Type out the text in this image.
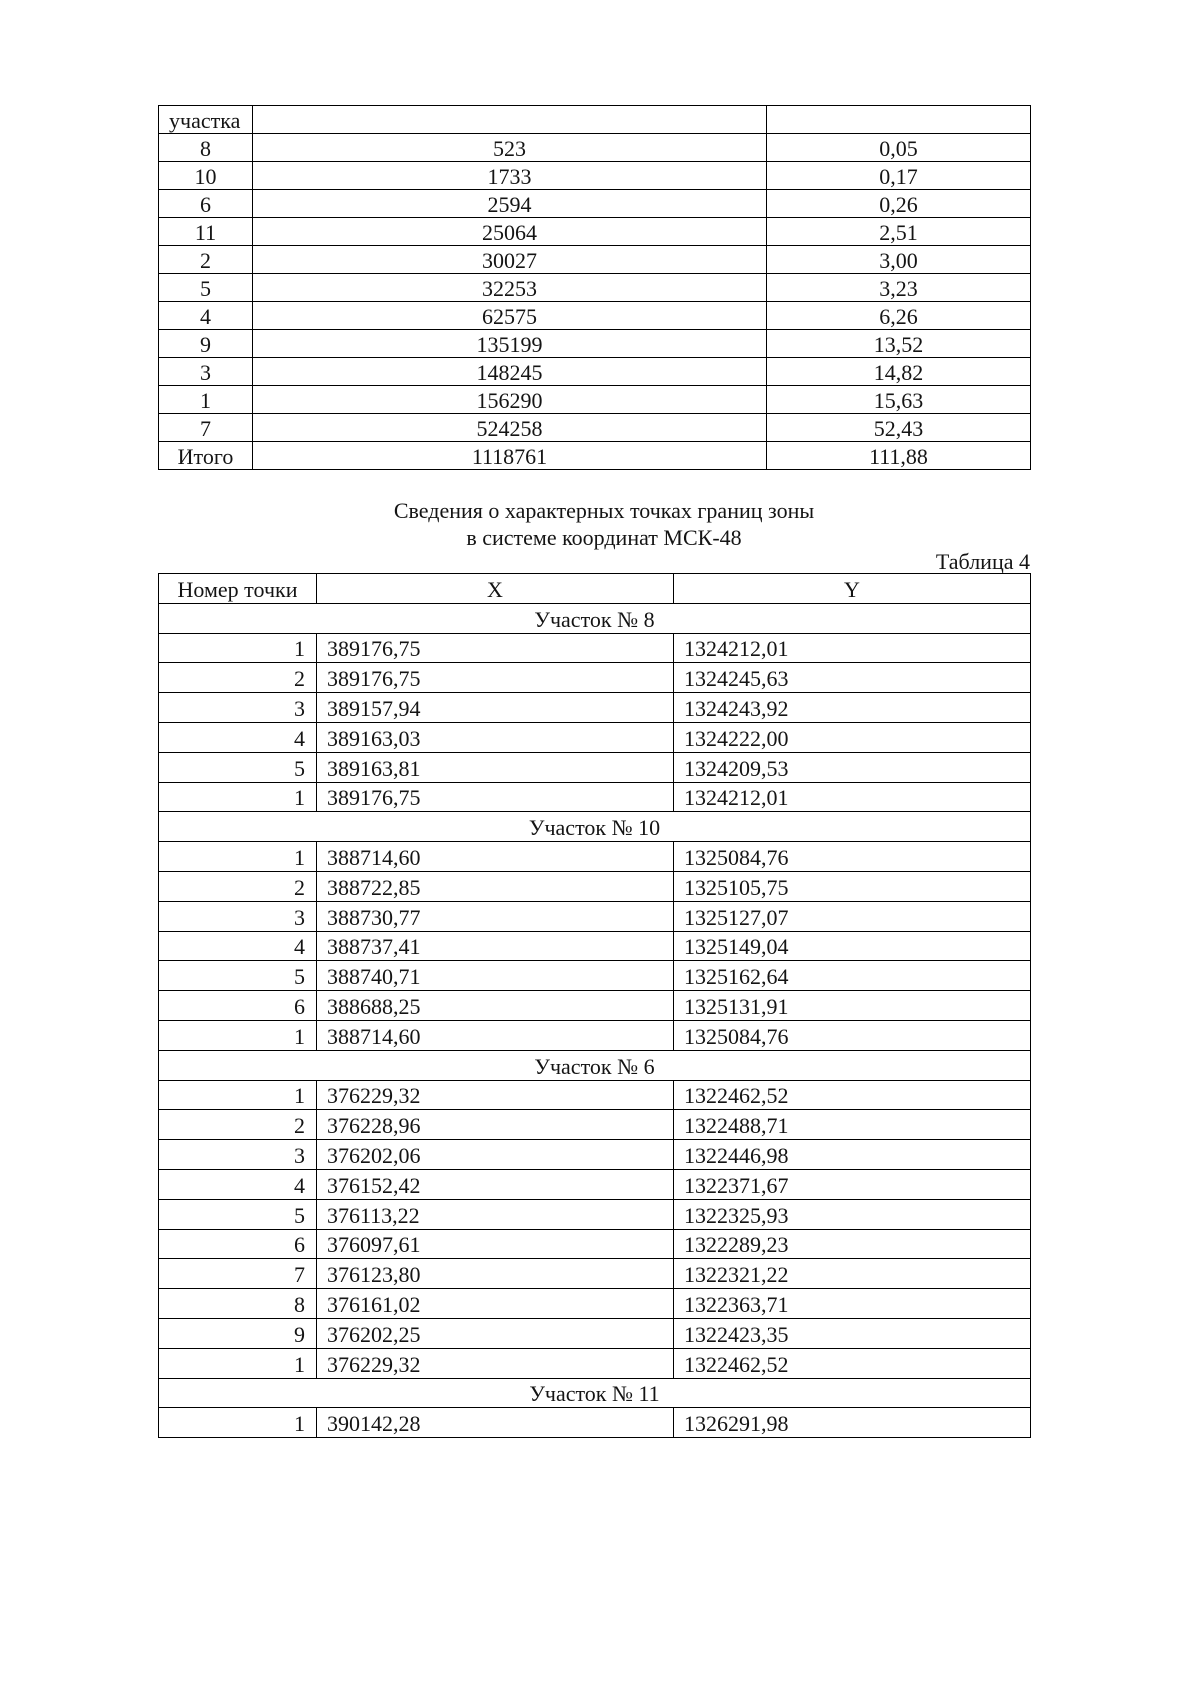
участка		
8	523	0,05
10	1733	0,17
6	2594	0,26
11	25064	2,51
2	30027	3,00
5	32253	3,23
4	62575	6,26
9	135199	13,52
3	148245	14,82
1	156290	15,63
7	524258	52,43
Итого	1118761	111,88
Сведения о характерных точках границ зоны
в системе координат МСК-48
Таблица 4
Номер точки	X	Y
Участок № 8		
1	389176,75	1324212,01
2	389176,75	1324245,63
3	389157,94	1324243,92
4	389163,03	1324222,00
5	389163,81	1324209,53
1	389176,75	1324212,01
Участок № 10		
1	388714,60	1325084,76
2	388722,85	1325105,75
3	388730,77	1325127,07
4	388737,41	1325149,04
5	388740,71	1325162,64
6	388688,25	1325131,91
1	388714,60	1325084,76
Участок № 6		
1	376229,32	1322462,52
2	376228,96	1322488,71
3	376202,06	1322446,98
4	376152,42	1322371,67
5	376113,22	1322325,93
6	376097,61	1322289,23
7	376123,80	1322321,22
8	376161,02	1322363,71
9	376202,25	1322423,35
1	376229,32	1322462,52
Участок № 11		
1	390142,28	1326291,98
